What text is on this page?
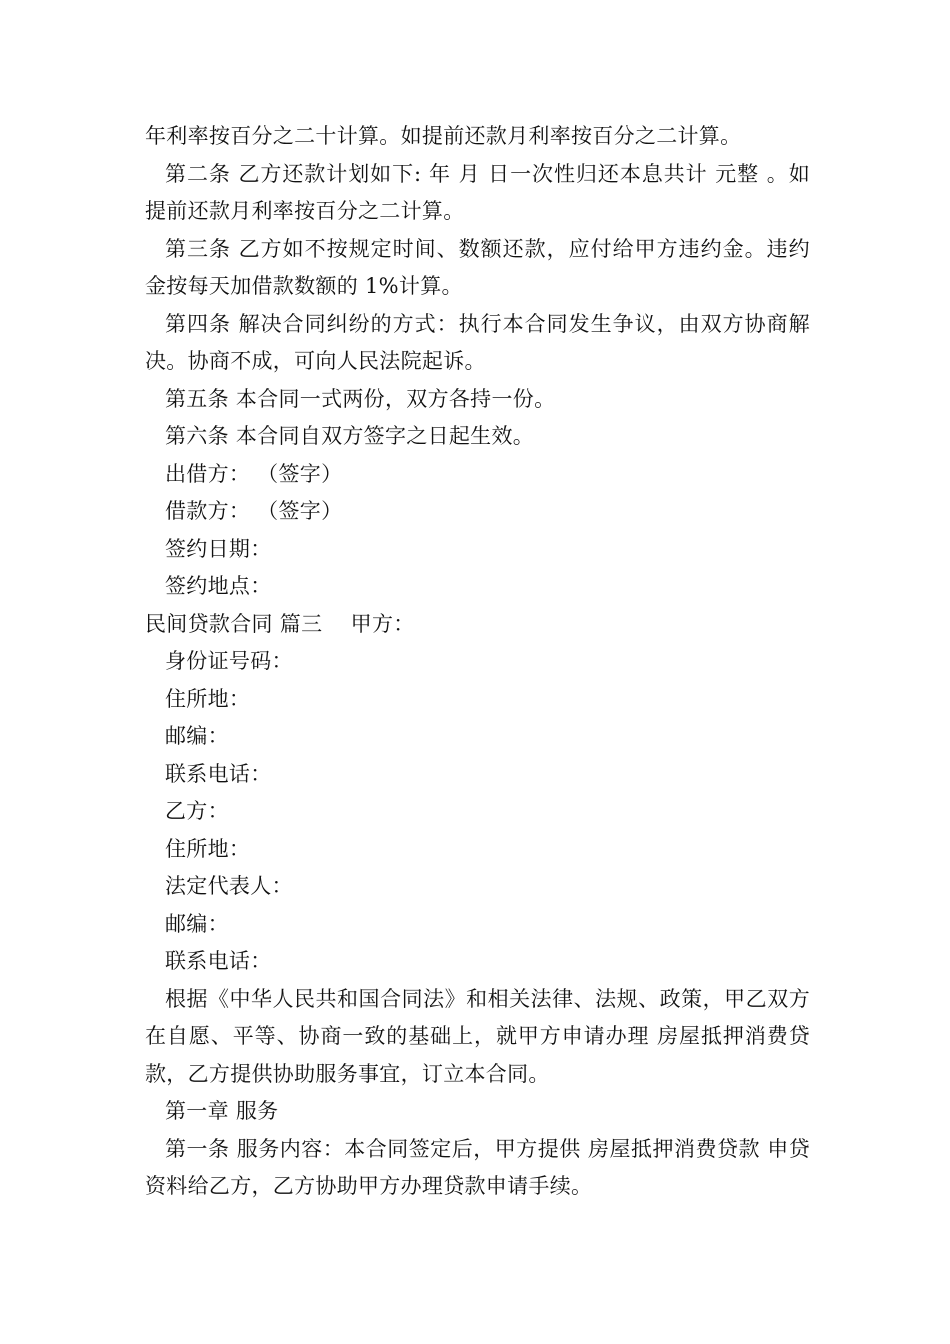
年利率按百分之二十计算。如提前还款月利率按百分之二计算。

第二条 乙方还款计划如下: 年 月 日一次性归还本息共计 元整 。如提前还款月利率按百分之二计算。

第三条 乙方如不按规定时间、数额还款，应付给甲方违约金。违约金按每天加借款数额的 1%计算。

第四条 解决合同纠纷的方式：执行本合同发生争议，由双方协商解决。协商不成，可向人民法院起诉。

第五条 本合同一式两份，双方各持一份。

第六条 本合同自双方签字之日起生效。

出借方： （签字）

借款方： （签字）

签约日期：

签约地点：

民间贷款合同 篇三　 甲方：

身份证号码：

住所地：

邮编：

联系电话：

乙方：

住所地：

法定代表人：

邮编：

联系电话：

根据《中华人民共和国合同法》和相关法律、法规、政策，甲乙双方在自愿、平等、协商一致的基础上，就甲方申请办理 房屋抵押消费贷款，乙方提供协助服务事宜，订立本合同。

第一章 服务

第一条 服务内容：本合同签定后，甲方提供 房屋抵押消费贷款 申贷资料给乙方，乙方协助甲方办理贷款申请手续。
